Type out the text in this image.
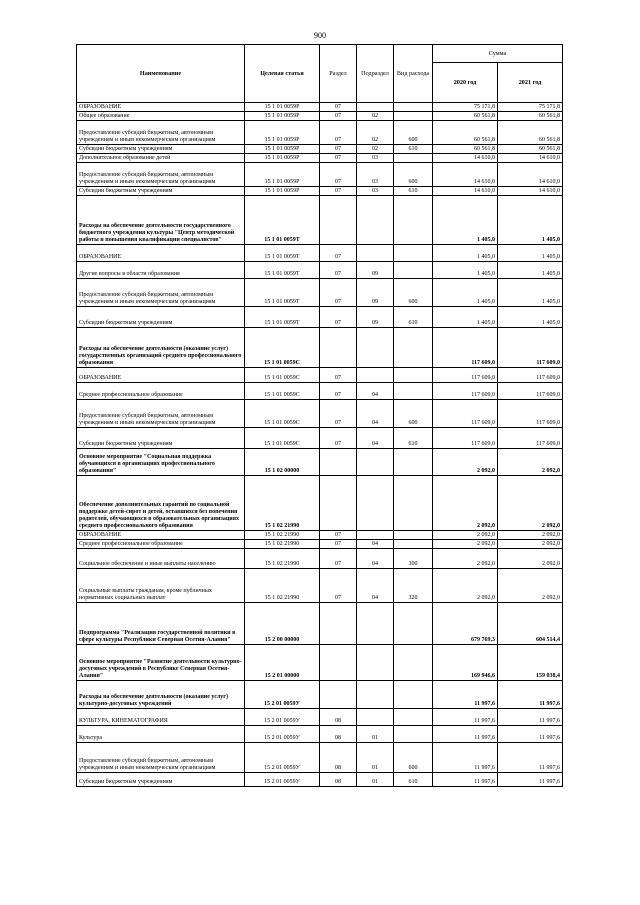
900
Наименование	Целевая статья	Раздел	Подраздел	Вид расхода	Сумма	
					2020 год	2021 год
ОБРАЗОВАНИЕ	15 1 01 0059Р	07			75 171,8	75 171,8
Общее образование	15 1 01 0059Р	07	02		60 561,8	60 561,8
Предоставление субсидий бюджетным, автономным учреждениям и иным некоммерческим организациям	15 1 01 0059Р	07	02	600	60 561,8	60 561,8
Субсидии бюджетным учреждениям	15 1 01 0059Р	07	02	610	60 561,8	60 561,8
Дополнительное образование детей	15 1 01 0059Р	07	03		14 610,0	14 610,0
Предоставление субсидий бюджетным, автономным учреждениям и иным некоммерческим организациям	15 1 01 0059Р	07	03	600	14 610,0	14 610,0
Субсидии бюджетным учреждениям	15 1 01 0059Р	07	03	610	14 610,0	14 610,0
Расходы на обеспечение деятельности государственного бюджетного учреждения культуры "Центр методической работы и повышения квалификации специалистов"	15 1 01 0059Т				1 405,0	1 405,0
ОБРАЗОВАНИЕ	15 1 01 0059Т	07			1 405,0	1 405,0
Другие вопросы в области образования	15 1 01 0059Т	07	09		1 405,0	1 405,0
Предоставление субсидий бюджетным, автономным учреждениям и иным некоммерческим организациям	15 1 01 0059Т	07	09	600	1 405,0	1 405,0
Субсидии бюджетным учреждениям	15 1 01 0059Т	07	09	610	1 405,0	1 405,0
Расходы на обеспечение деятельности (оказание услуг) государственных организаций среднего профессионального образования	15 1 01 0059С				117 609,0	117 609,0
ОБРАЗОВАНИЕ	15 1 01 0059С	07			117 609,0	117 609,0
Среднее профессиональное образование	15 1 01 0059С	07	04		117 609,0	117 609,0
Предоставление субсидий бюджетным, автономным учреждениям и иным некоммерческим организациям	15 1 01 0059С	07	04	600	117 609,0	117 609,0
Субсидии бюджетным учреждениям	15 1 01 0059С	07	04	610	117 609,0	117 609,0
Основное мероприятие "Социальная поддержка обучающихся в организациях профессионального образования"	15 1 02 00000				2 092,0	2 092,0
Обеспечение дополнительных гарантий по социальной поддержке детей-сирот и детей, оставшихся без попечения родителей, обучающихся в образовательных организациях среднего профессионального образования	15 1 02 21990				2 092,0	2 092,0
ОБРАЗОВАНИЕ	15 1 02 21990	07			2 092,0	2 092,0
Среднее профессиональное образование	15 1 02 21990	07	04		2 092,0	2 092,0
Социальное обеспечение и иные выплаты населению	15 1 02 21990	07	04	300	2 092,0	2 092,0
Социальные выплаты гражданам, кроме публичных нормативных социальных выплат	15 1 02 21990	07	04	320	2 092,0	2 092,0
Подпрограмма "Реализация государственной политики в сфере культуры Республики Северная Осетия-Алания"	15 2 00 00000				679 769,3	604 514,4
Основное мероприятие "Развитие деятельности культурно-досуговых учреждений в Республике Северная Осетия-Алания"	15 2 01 00000				169 946,6	159 038,4
Расходы на обеспечение деятельности (оказание услуг) культурно-досуговых учреждений	15 2 01 0059У				11 997,6	11 997,6
КУЛЬТУРА, КИНЕМАТОГРАФИЯ	15 2 01 0059У	08			11 997,6	11 997,6
Культура	15 2 01 0059У	08	01		11 997,6	11 997,6
Предоставление субсидий бюджетным, автономным учреждениям и иным некоммерческим организациям	15 2 01 0059У	08	01	600	11 997,6	11 997,6
Субсидии бюджетным учреждениям	15 2 01 0059У	08	01	610	11 997,6	11 997,6
